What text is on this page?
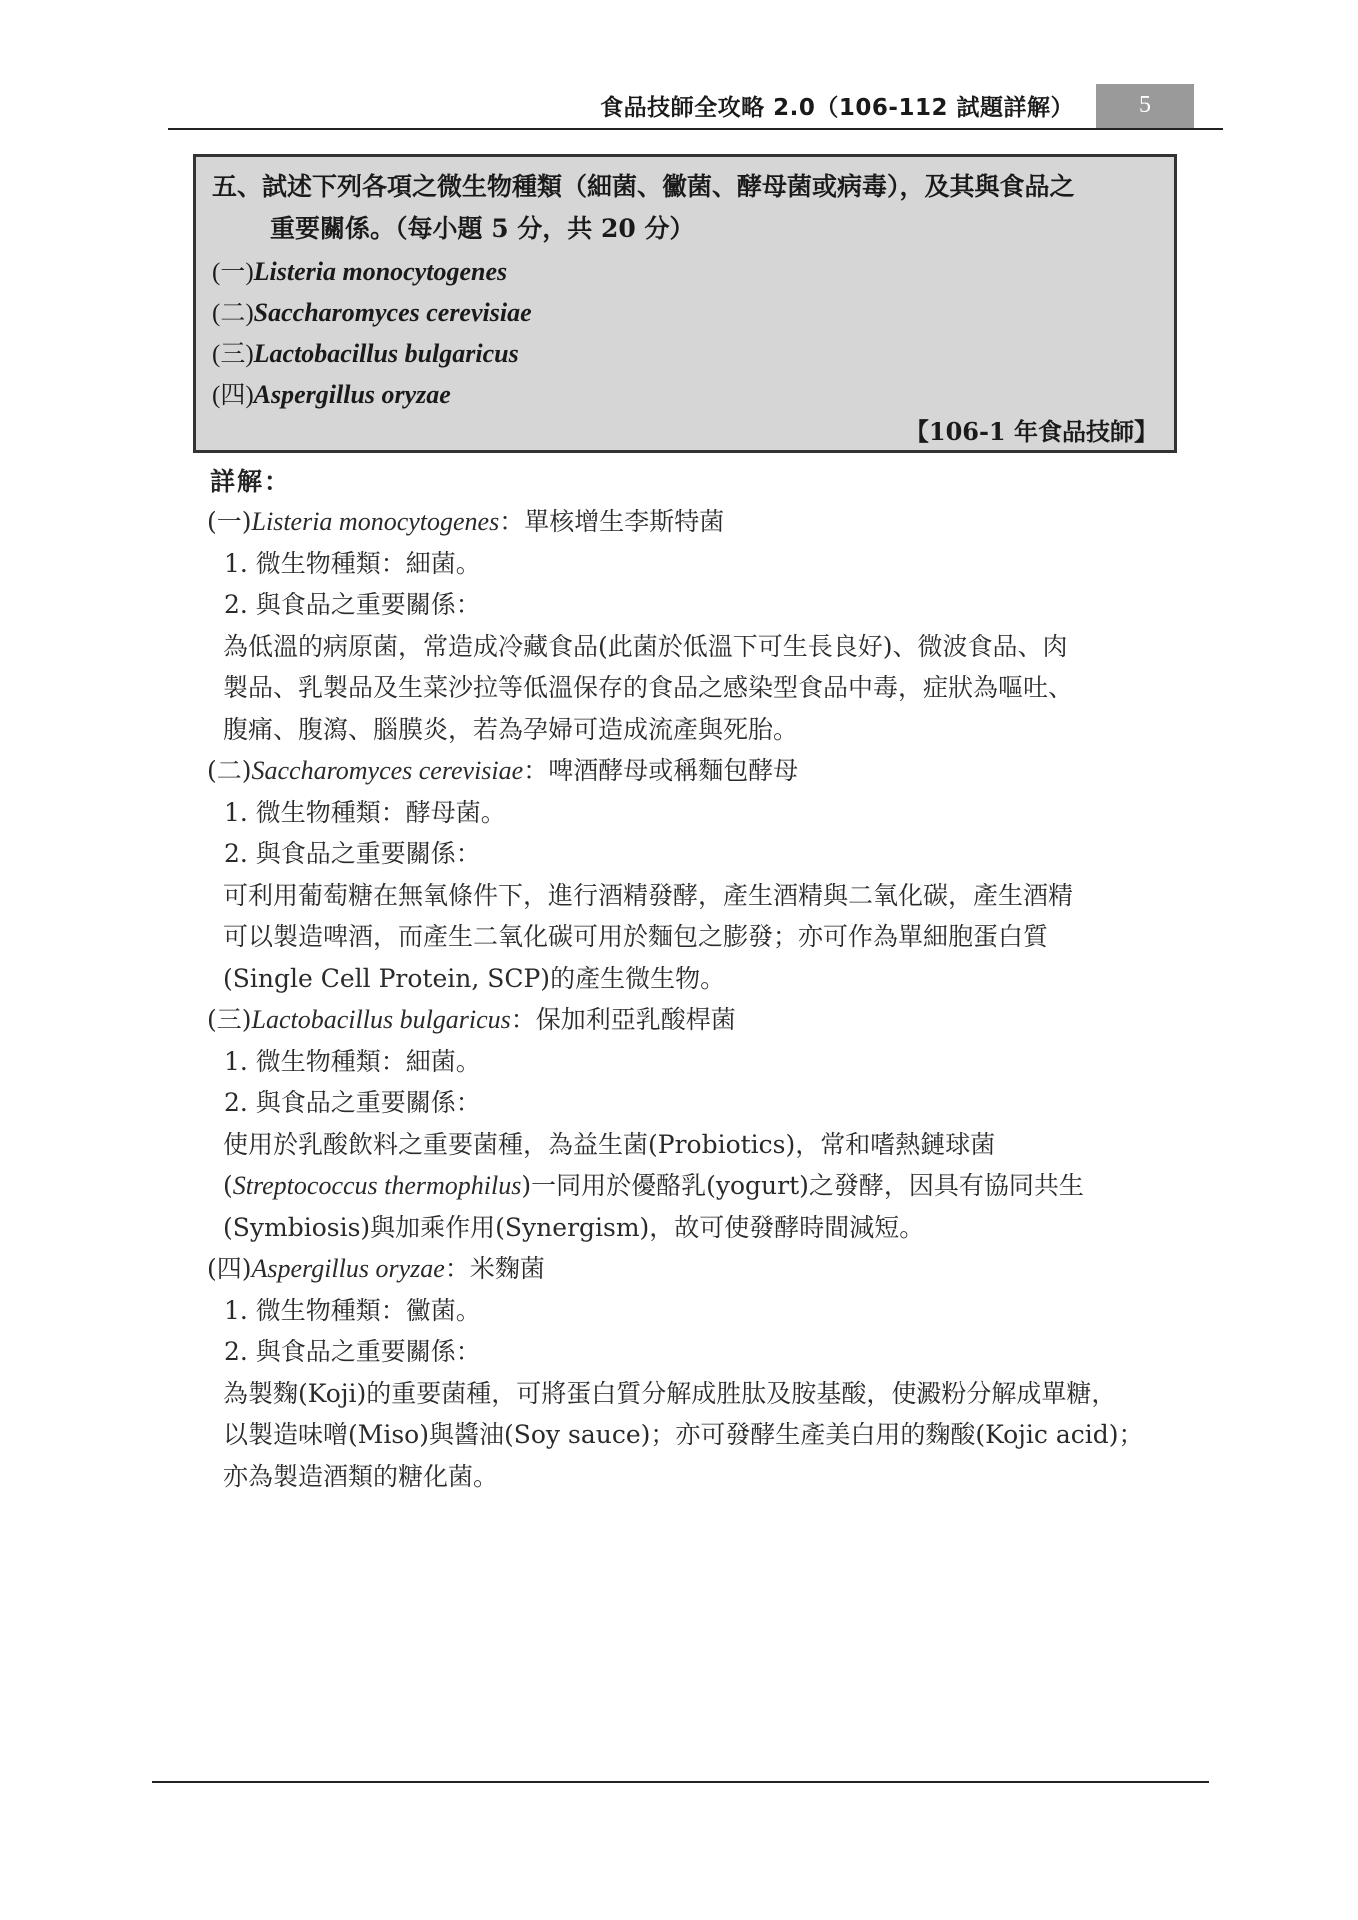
食品技師全攻略 2.0（106-112 試題詳解）	5
五、試述下列各項之微生物種類（細菌、黴菌、酵母菌或病毒），及其與食品之
重要關係。（每小題 5 分，共 20 分）
(一)Listeria monocytogenes
(二)Saccharomyces cerevisiae
(三)Lactobacillus bulgaricus
(四)Aspergillus oryzae
【106-1 年食品技師】
詳解：
(一)Listeria monocytogenes：單核增生李斯特菌
1. 微生物種類：細菌。
2. 與食品之重要關係：
為低溫的病原菌，常造成冷藏食品(此菌於低溫下可生長良好)、微波食品、肉
製品、乳製品及生菜沙拉等低溫保存的食品之感染型食品中毒，症狀為嘔吐、
腹痛、腹瀉、腦膜炎，若為孕婦可造成流產與死胎。
(二)Saccharomyces cerevisiae：啤酒酵母或稱麵包酵母
1. 微生物種類：酵母菌。
2. 與食品之重要關係：
可利用葡萄糖在無氧條件下，進行酒精發酵，產生酒精與二氧化碳，產生酒精
可以製造啤酒，而產生二氧化碳可用於麵包之膨發；亦可作為單細胞蛋白質
(Single Cell Protein, SCP)的產生微生物。
(三)Lactobacillus bulgaricus：保加利亞乳酸桿菌
1. 微生物種類：細菌。
2. 與食品之重要關係：
使用於乳酸飲料之重要菌種，為益生菌(Probiotics)，常和嗜熱鏈球菌
(Streptococcus thermophilus)一同用於優酪乳(yogurt)之發酵，因具有協同共生
(Symbiosis)與加乘作用(Synergism)，故可使發酵時間減短。
(四)Aspergillus oryzae：米麴菌
1. 微生物種類：黴菌。
2. 與食品之重要關係：
為製麴(Koji)的重要菌種，可將蛋白質分解成胜肽及胺基酸，使澱粉分解成單糖，
以製造味噌(Miso)與醬油(Soy sauce)；亦可發酵生產美白用的麴酸(Kojic acid)；
亦為製造酒類的糖化菌。
